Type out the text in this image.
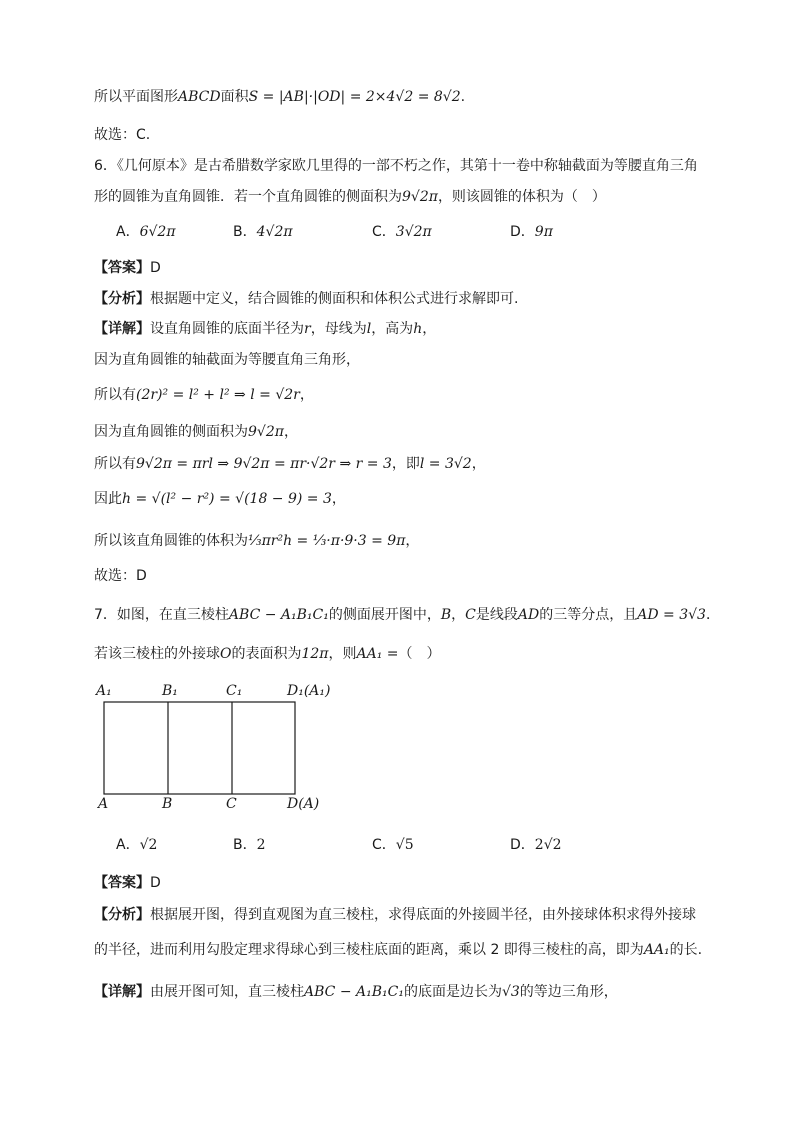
所以平面图形ABCD面积S = |AB|·|OD| = 2×4√2 = 8√2.
故选：C.
6．《几何原本》是古希腊数学家欧几里得的一部不朽之作，其第十一卷中称轴截面为等腰直角三角
形的圆锥为直角圆锥．若一个直角圆锥的侧面积为9√2π，则该圆锥的体积为（　）
A．6√2π	B．4√2π	C．3√2π	D．9π
【答案】D
【分析】根据题中定义，结合圆锥的侧面积和体积公式进行求解即可.
【详解】设直角圆锥的底面半径为r，母线为l，高为h，
因为直角圆锥的轴截面为等腰直角三角形，
所以有(2r)² = l² + l² ⇒ l = √2r，
因为直角圆锥的侧面积为9√2π，
所以有9√2π = πrl ⇒ 9√2π = πr·√2r ⇒ r = 3，即l = 3√2，
因此h = √(l² − r²) = √(18 − 9) = 3，
所以该直角圆锥的体积为⅓πr²h = ⅓·π·9·3 = 9π，
故选：D
7．如图，在直三棱柱ABC − A₁B₁C₁的侧面展开图中，B，C是线段AD的三等分点，且AD = 3√3．
若该三棱柱的外接球O的表面积为12π，则AA₁ =（　）
A₁	B₁	C₁	D₁(A₁)
A	B	C	D(A)
A．√2	B．2	C．√5	D．2√2
【答案】D
【分析】根据展开图，得到直观图为直三棱柱，求得底面的外接圆半径，由外接球体积求得外接球
的半径，进而利用勾股定理求得球心到三棱柱底面的距离，乘以 2 即得三棱柱的高，即为AA₁的长.
【详解】由展开图可知，直三棱柱ABC − A₁B₁C₁的底面是边长为√3的等边三角形，
